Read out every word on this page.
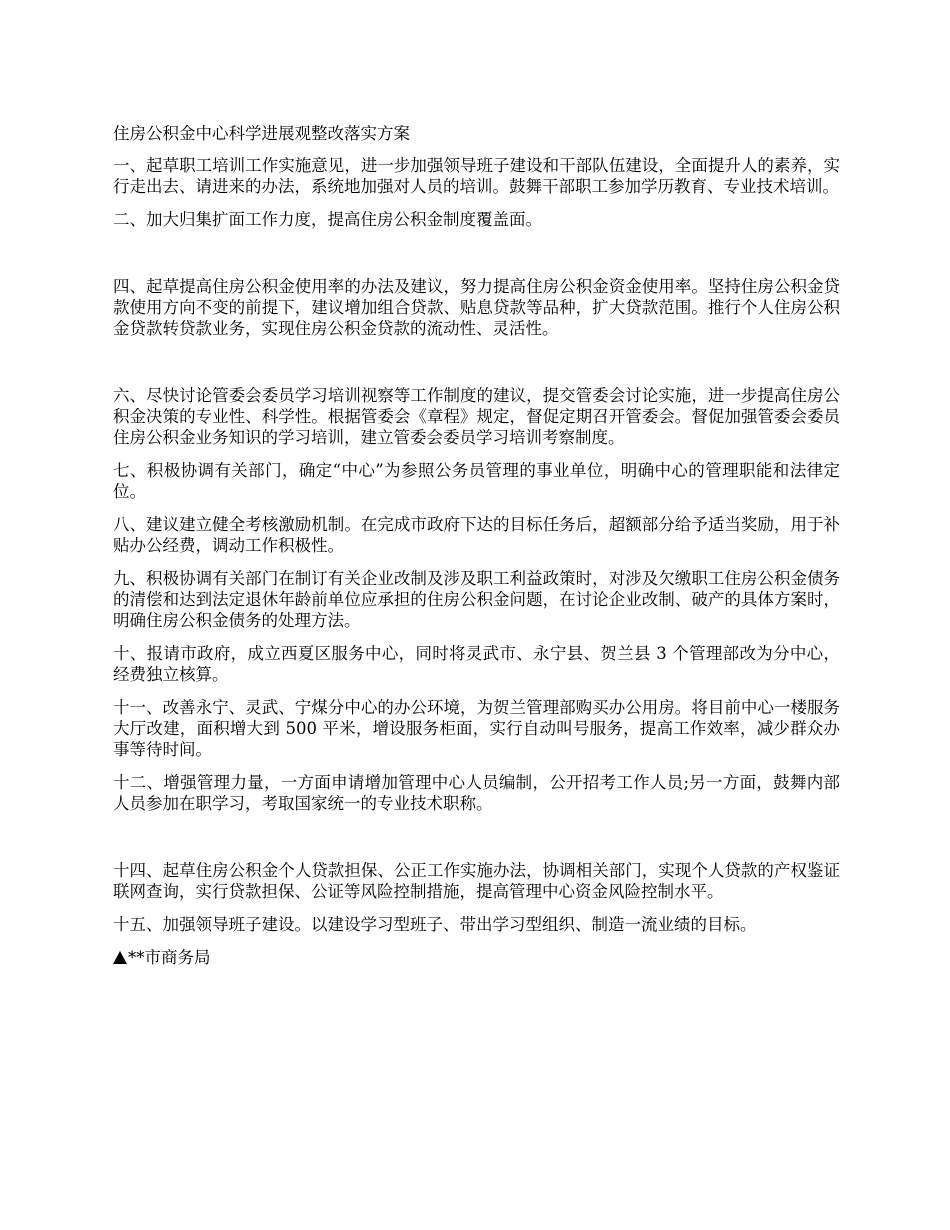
住房公积金中心科学进展观整改落实方案
一、起草职工培训工作实施意见，进一步加强领导班子建设和干部队伍建设，全面提升人的素养，实行走出去、请进来的办法，系统地加强对人员的培训。鼓舞干部职工参加学历教育、专业技术培训。
二、加大归集扩面工作力度，提高住房公积金制度覆盖面。
四、起草提高住房公积金使用率的办法及建议，努力提高住房公积金资金使用率。坚持住房公积金贷款使用方向不变的前提下，建议增加组合贷款、贴息贷款等品种，扩大贷款范围。推行个人住房公积金贷款转贷款业务，实现住房公积金贷款的流动性、灵活性。
六、尽快讨论管委会委员学习培训视察等工作制度的建议，提交管委会讨论实施，进一步提高住房公积金决策的专业性、科学性。根据管委会《章程》规定，督促定期召开管委会。督促加强管委会委员住房公积金业务知识的学习培训，建立管委会委员学习培训考察制度。
七、积极协调有关部门，确定“中心”为参照公务员管理的事业单位，明确中心的管理职能和法律定位。
八、建议建立健全考核激励机制。在完成市政府下达的目标任务后，超额部分给予适当奖励，用于补贴办公经费，调动工作积极性。
九、积极协调有关部门在制订有关企业改制及涉及职工利益政策时，对涉及欠缴职工住房公积金债务的清偿和达到法定退休年龄前单位应承担的住房公积金问题，在讨论企业改制、破产的具体方案时，明确住房公积金债务的处理方法。
十、报请市政府，成立西夏区服务中心，同时将灵武市、永宁县、贺兰县 3 个管理部改为分中心，经费独立核算。
十一、改善永宁、灵武、宁煤分中心的办公环境，为贺兰管理部购买办公用房。将目前中心一楼服务大厅改建，面积增大到 500 平米，增设服务柜面，实行自动叫号服务，提高工作效率，减少群众办事等待时间。
十二、增强管理力量，一方面申请增加管理中心人员编制，公开招考工作人员;另一方面，鼓舞内部人员参加在职学习，考取国家统一的专业技术职称。
十四、起草住房公积金个人贷款担保、公正工作实施办法，协调相关部门，实现个人贷款的产权鉴证联网查询，实行贷款担保、公证等风险控制措施，提高管理中心资金风险控制水平。
十五、加强领导班子建设。以建设学习型班子、带出学习型组织、制造一流业绩的目标。
**市商务局
